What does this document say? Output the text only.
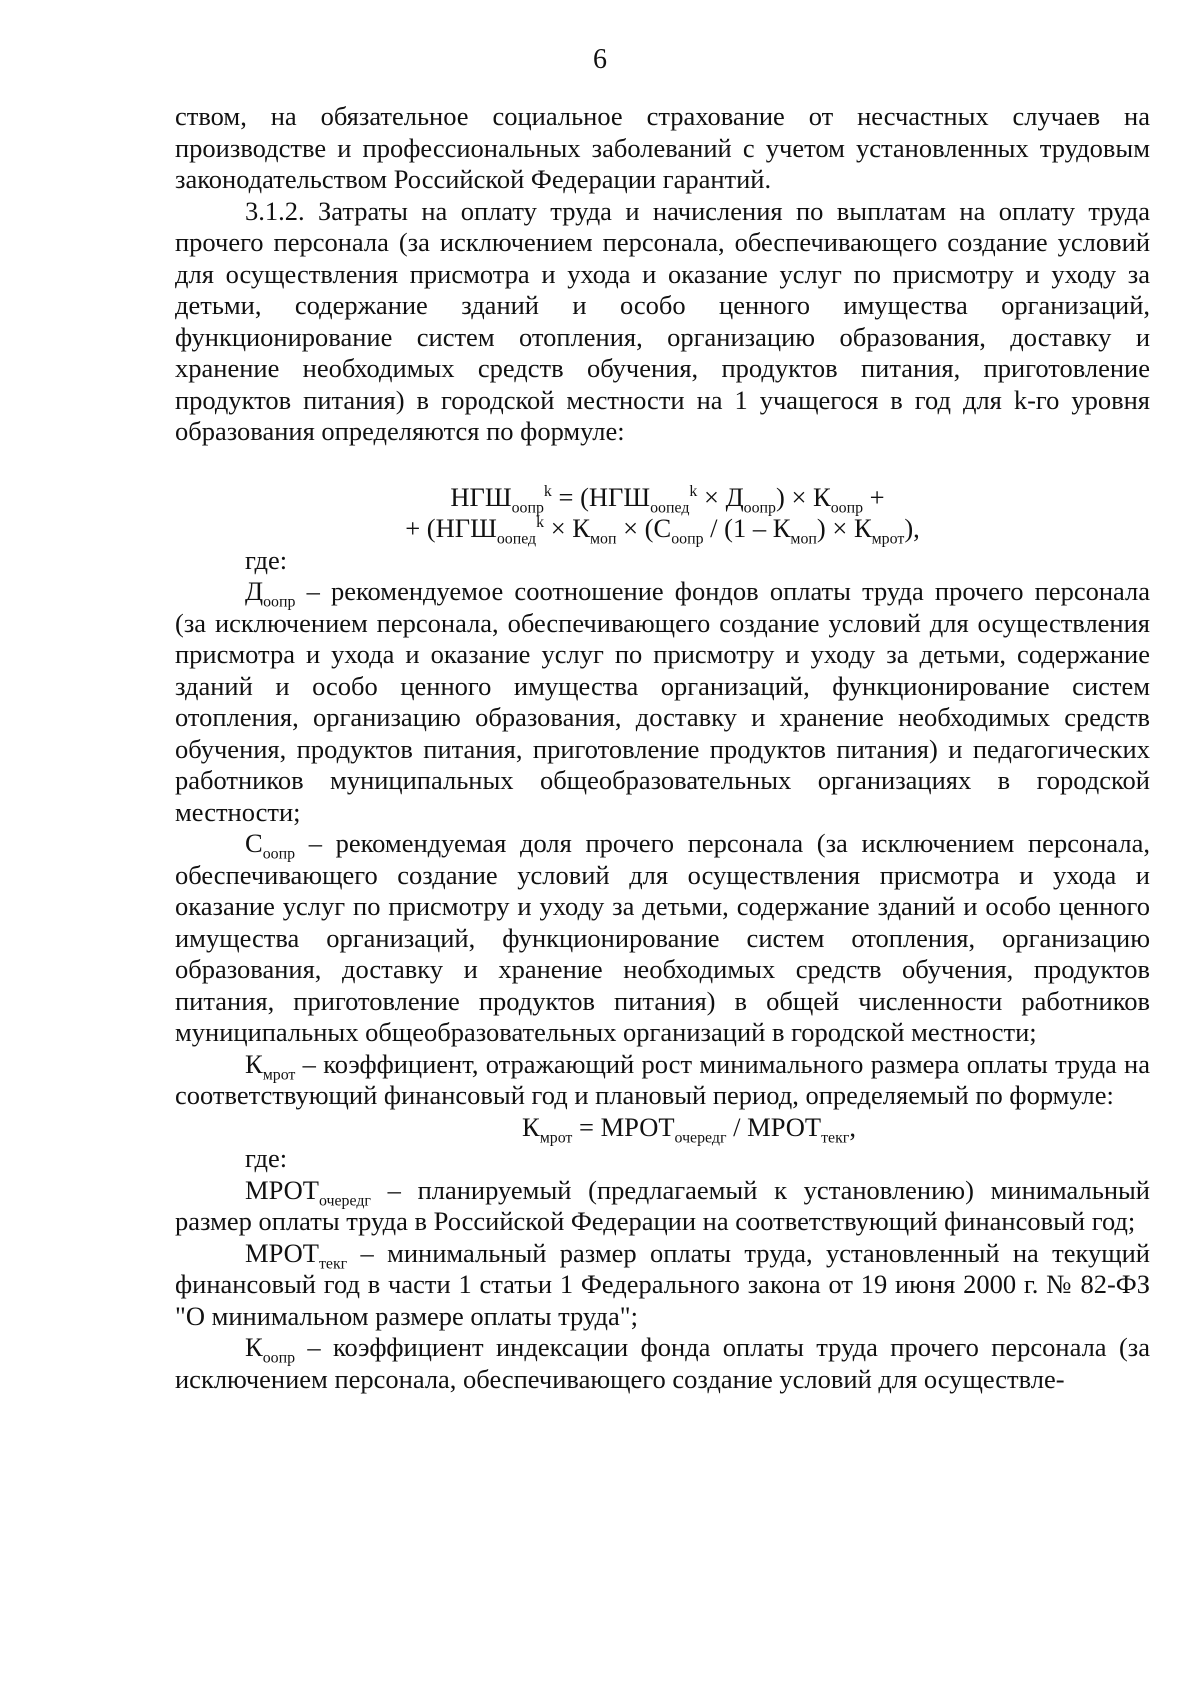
6

ством, на обязательное социальное страхование от несчастных случаев на производстве и профессиональных заболеваний с учетом установленных трудовым законодательством Российской Федерации гарантий.

3.1.2. Затраты на оплату труда и начисления по выплатам на оплату труда прочего персонала (за исключением персонала, обеспечивающего создание условий для осуществления присмотра и ухода и оказание услуг по присмотру и уходу за детьми, содержание зданий и особо ценного имущества организаций, функционирование систем отопления, организацию образования, доставку и хранение необходимых средств обучения, продуктов питания, приготовление продуктов питания) в городской местности на 1 учащегося в год для k-го уровня образования определяются по формуле:

$НГШ_{оопр}^k = (НГШ_{оопед}^k \times Д_{оопр}) \times К_{оопр}$ +
+ ($НГШ_{оопед}^k \times К_{моп} \times (С_{оопр} / (1 - К_{моп}) \times К_{мрот})$,

где:

$Д_{оопр}$ – рекомендуемое соотношение фондов оплаты труда прочего персонала (за исключением персонала, обеспечивающего создание условий для осуществления присмотра и ухода и оказание услуг по присмотру и уходу за детьми, содержание зданий и особо ценного имущества организаций, функционирование систем отопления, организацию образования, доставку и хранение необходимых средств обучения, продуктов питания, приготовление продуктов питания) и педагогических работников муниципальных общеобразовательных организациях в городской местности;

$С_{оопр}$ – рекомендуемая доля прочего персонала (за исключением персонала, обеспечивающего создание условий для осуществления присмотра и ухода и оказание услуг по присмотру и уходу за детьми, содержание зданий и особо ценного имущества организаций, функционирование систем отопления, организацию образования, доставку и хранение необходимых средств обучения, продуктов питания, приготовление продуктов питания) в общей численности работников муниципальных общеобразовательных организаций в городской местности;

$К_{мрот}$ – коэффициент, отражающий рост минимального размера оплаты труда на соответствующий финансовый год и плановый период, определяемый по формуле:

$К_{мрот}$ = $МРОТ_{очередг}$ / $МРОТ_{текг}$,

где:

$МРОТ_{очередг}$ – планируемый (предлагаемый к установлению) минимальный размер оплаты труда в Российской Федерации на соответствующий финансовый год;

$МРОТ_{текг}$ – минимальный размер оплаты труда, установленный на текущий финансовый год в части 1 статьи 1 Федерального закона от 19 июня 2000 г. № 82-ФЗ "О минимальном размере оплаты труда";

$К_{оопр}$ – коэффициент индексации фонда оплаты труда прочего персонала (за исключением персонала, обеспечивающего создание условий для осуществле-
